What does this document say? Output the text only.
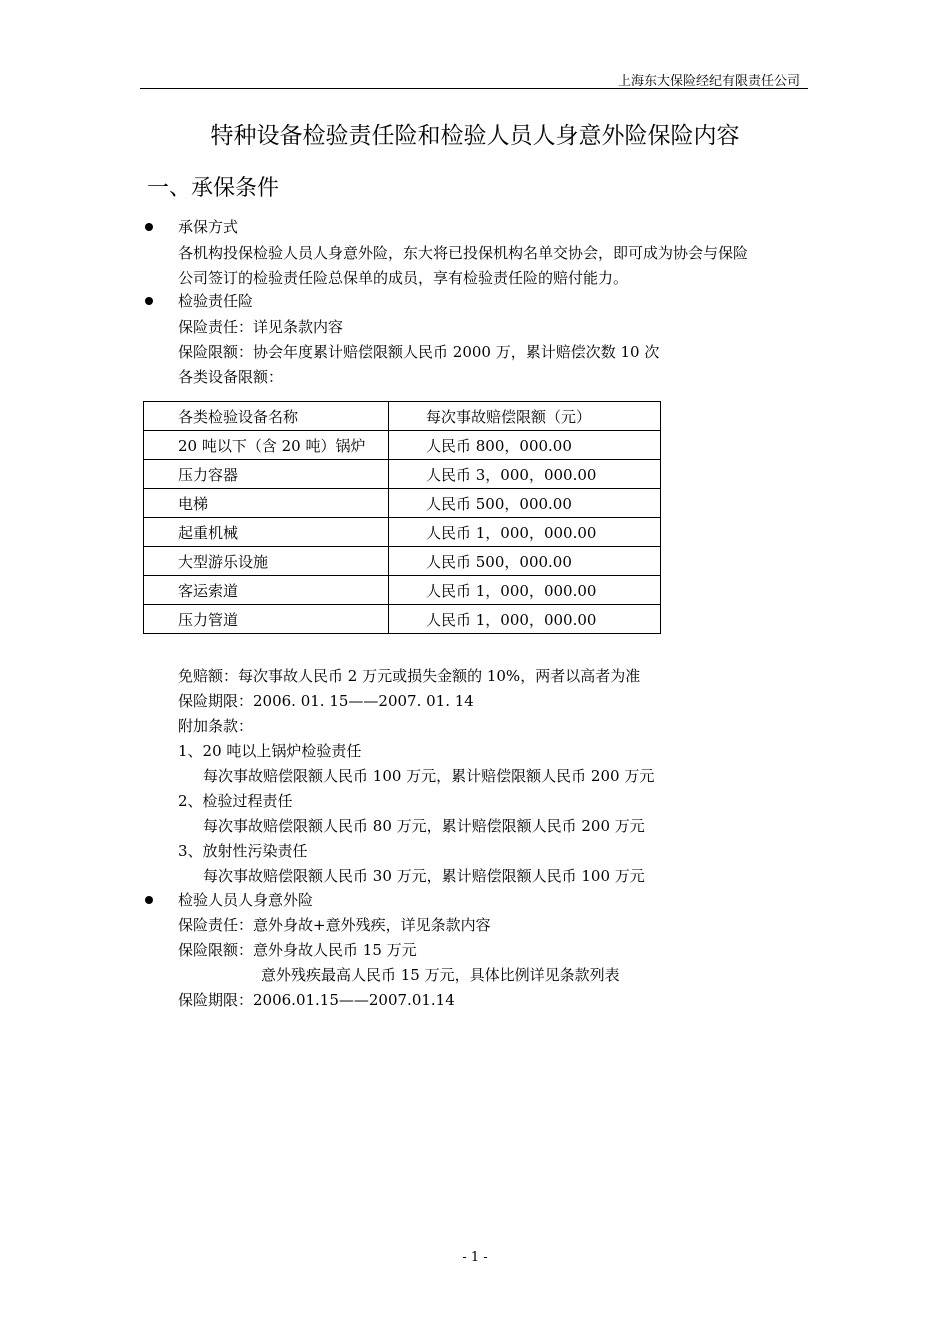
上海东大保险经纪有限责任公司
特种设备检验责任险和检验人员人身意外险保险内容
一、承保条件
承保方式
各机构投保检验人员人身意外险，东大将已投保机构名单交协会，即可成为协会与保险
公司签订的检验责任险总保单的成员，享有检验责任险的赔付能力。
检验责任险
保险责任：详见条款内容
保险限额：协会年度累计赔偿限额人民币 2000 万，累计赔偿次数 10 次
各类设备限额：
各类检验设备名称	每次事故赔偿限额（元）
20 吨以下（含 20 吨）锅炉	人民币 800，000.00
压力容器	人民币 3，000，000.00
电梯	人民币 500，000.00
起重机械	人民币 1，000，000.00
大型游乐设施	人民币 500，000.00
客运索道	人民币 1，000，000.00
压力管道	人民币 1，000，000.00
免赔额：每次事故人民币 2 万元或损失金额的 10%，两者以高者为准
保险期限：2006. 01. 15——2007. 01. 14
附加条款：
1、20 吨以上锅炉检验责任
每次事故赔偿限额人民币 100 万元，累计赔偿限额人民币 200 万元
2、检验过程责任
每次事故赔偿限额人民币 80 万元，累计赔偿限额人民币 200 万元
3、放射性污染责任
每次事故赔偿限额人民币 30 万元，累计赔偿限额人民币 100 万元
检验人员人身意外险
保险责任：意外身故+意外残疾，详见条款内容
保险限额：意外身故人民币 15 万元
意外残疾最高人民币 15 万元，具体比例详见条款列表
保险期限：2006.01.15——2007.01.14
- 1 -
